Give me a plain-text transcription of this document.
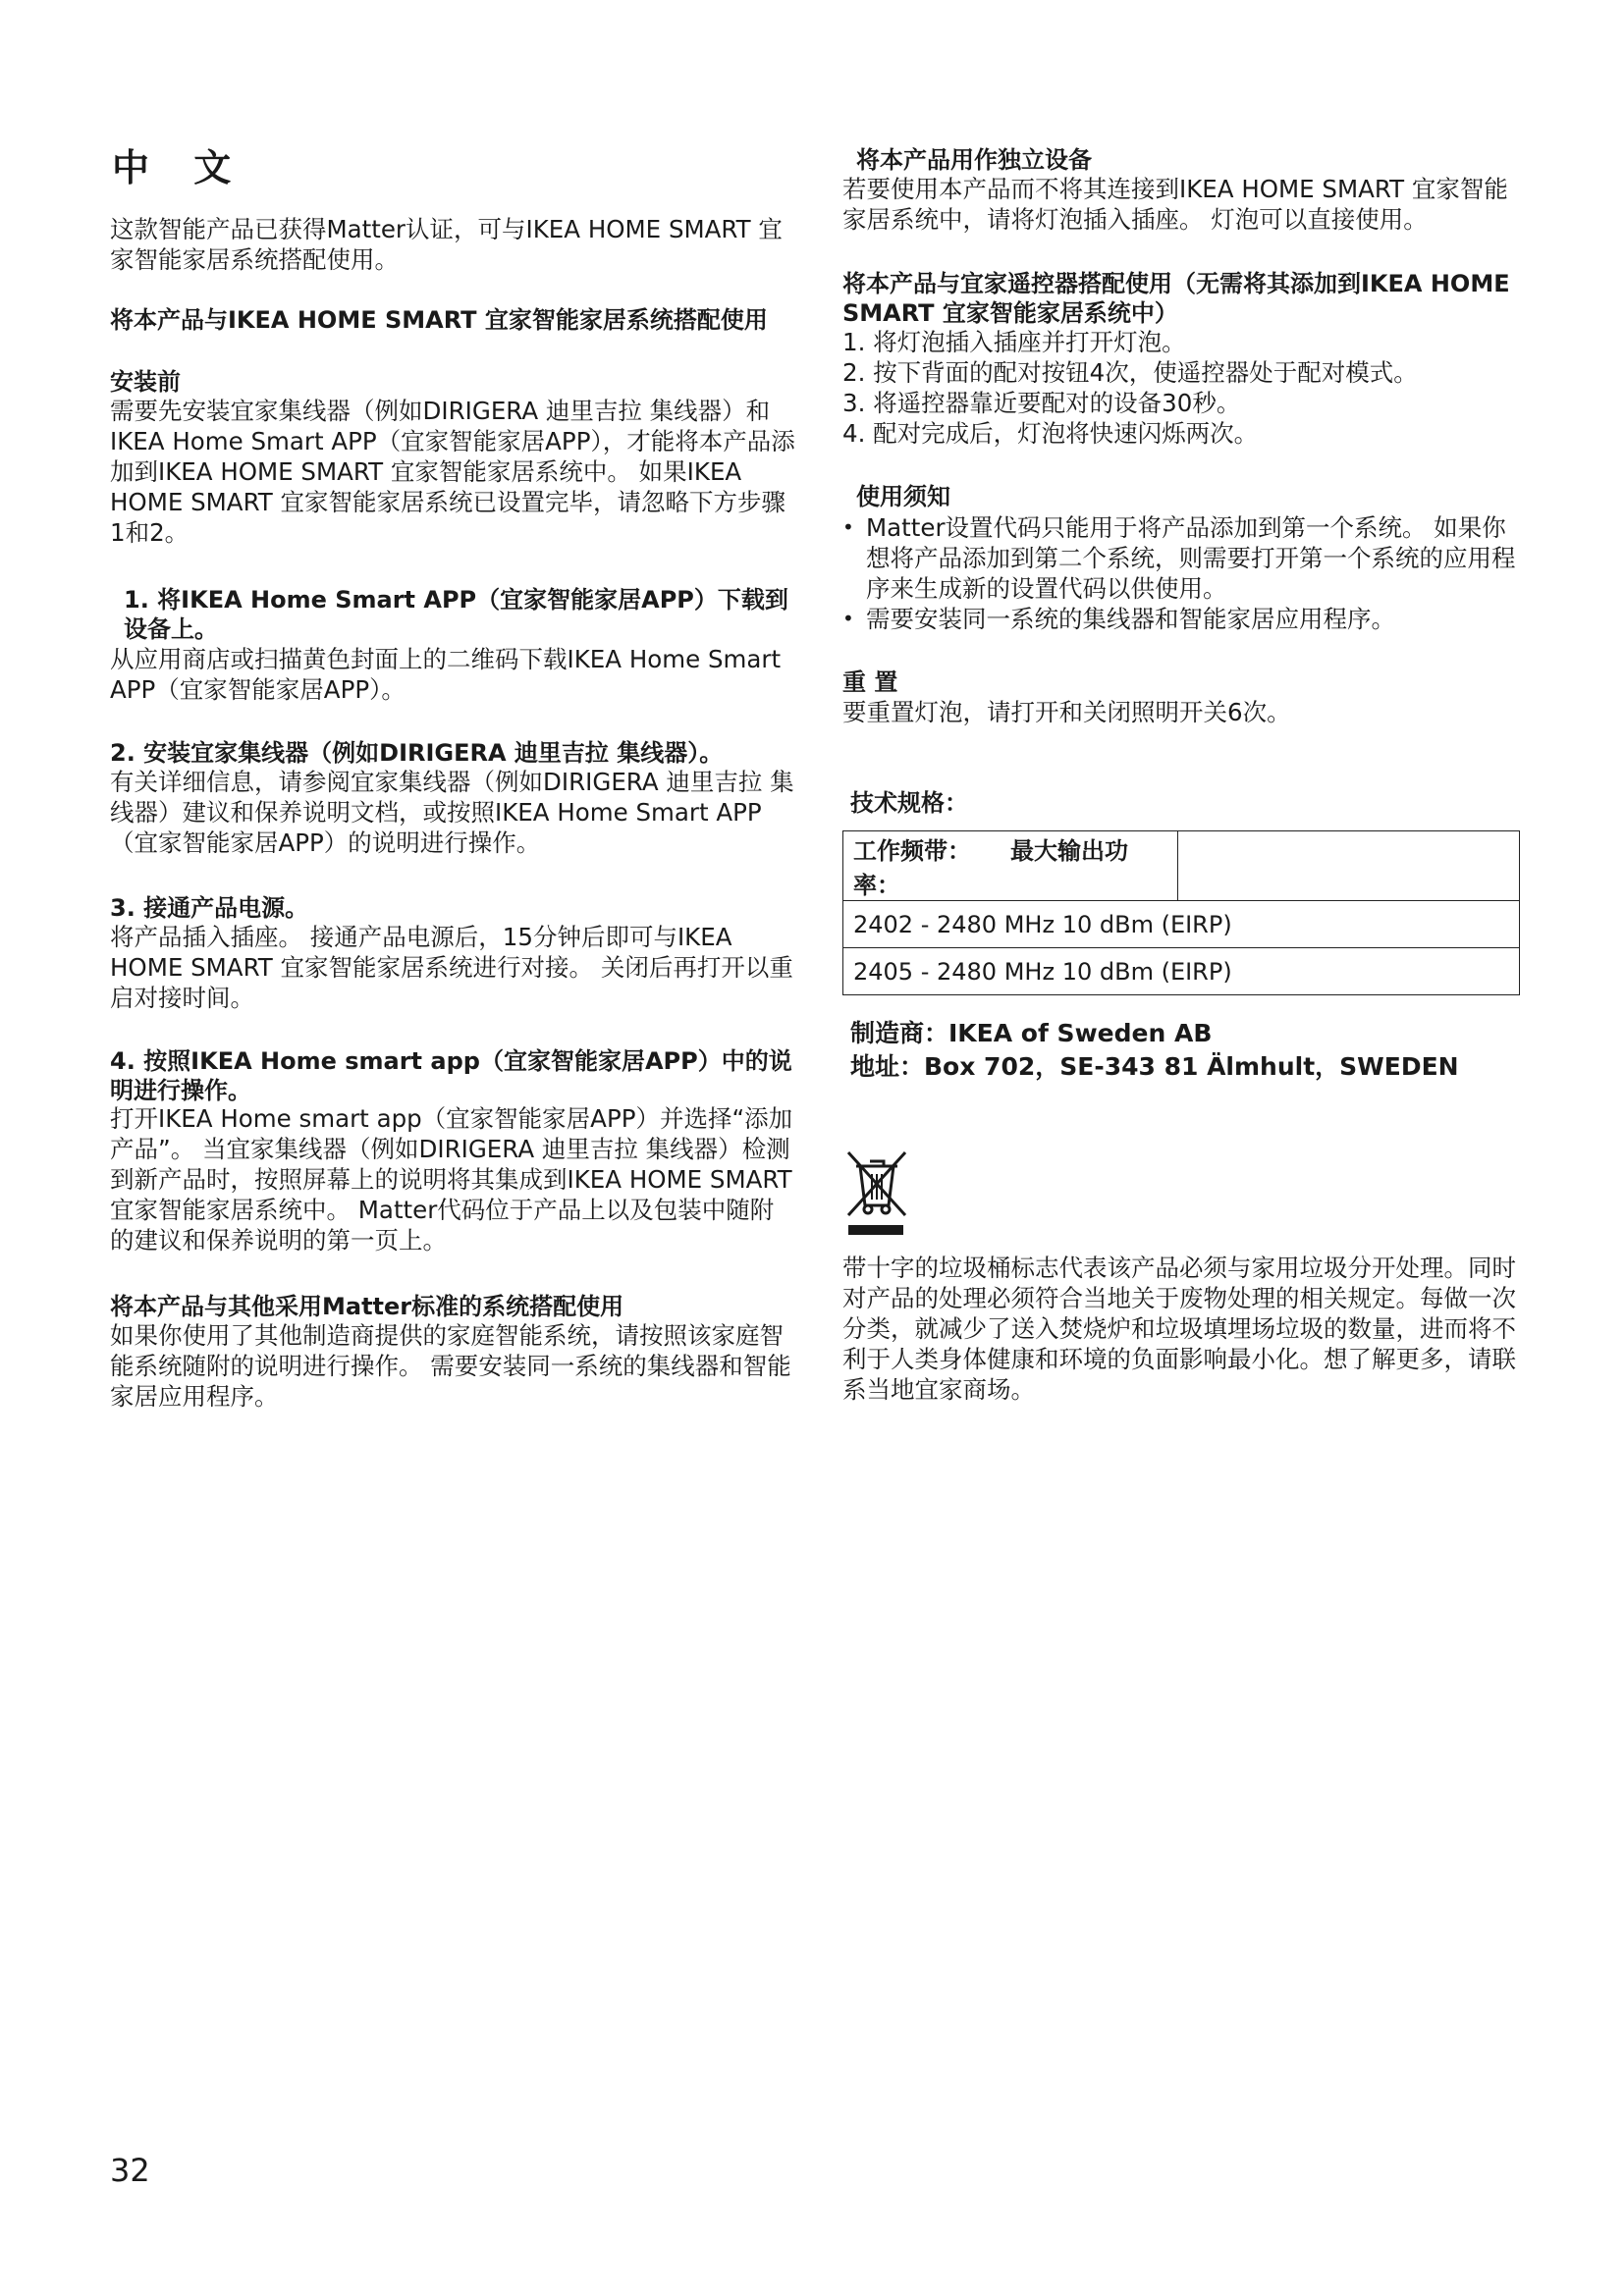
中 文

这款智能产品已获得Matter认证，可与IKEA HOME SMART 宜家智能家居系统搭配使用。

将本产品与IKEA HOME SMART 宜家智能家居系统搭配使用

安装前

需要先安装宜家集线器（例如DIRIGERA 迪里吉拉 集线器）和IKEA Home Smart APP（宜家智能家居APP），才能将本产品添加到IKEA HOME SMART 宜家智能家居系统中。 如果IKEA HOME SMART 宜家智能家居系统已设置完毕，请忽略下方步骤1和2。

1. 将IKEA Home Smart APP（宜家智能家居APP）下载到设备上。

从应用商店或扫描黄色封面上的二维码下载IKEA Home Smart APP（宜家智能家居APP）。

2. 安装宜家集线器（例如DIRIGERA 迪里吉拉 集线器）。

有关详细信息，请参阅宜家集线器（例如DIRIGERA 迪里吉拉 集线器）建议和保养说明文档，或按照IKEA Home Smart APP（宜家智能家居APP）的说明进行操作。

3. 接通产品电源。

将产品插入插座。 接通产品电源后，15分钟后即可与IKEA HOME SMART 宜家智能家居系统进行对接。 关闭后再打开以重启对接时间。

4. 按照IKEA Home smart app（宜家智能家居APP）中的说明进行操作。

打开IKEA Home smart app（宜家智能家居APP）并选择“添加产品”。 当宜家集线器（例如DIRIGERA 迪里吉拉 集线器）检测到新产品时，按照屏幕上的说明将其集成到IKEA HOME SMART 宜家智能家居系统中。 Matter代码位于产品上以及包装中随附的建议和保养说明的第一页上。

将本产品与其他采用Matter标准的系统搭配使用

如果你使用了其他制造商提供的家庭智能系统，请按照该家庭智能系统随附的说明进行操作。 需要安装同一系统的集线器和智能家居应用程序。

32

将本产品用作独立设备

若要使用本产品而不将其连接到IKEA HOME SMART 宜家智能家居系统中，请将灯泡插入插座。 灯泡可以直接使用。

将本产品与宜家遥控器搭配使用（无需将其添加到IKEA HOME SMART 宜家智能家居系统中）

1. 将灯泡插入插座并打开灯泡。
2. 按下背面的配对按钮4次，使遥控器处于配对模式。
3. 将遥控器靠近要配对的设备30秒。
4. 配对完成后，灯泡将快速闪烁两次。

使用须知

• Matter设置代码只能用于将产品添加到第一个系统。 如果你想将产品添加到第二个系统，则需要打开第一个系统的应用程序来生成新的设置代码以供使用。
• 需要安装同一系统的集线器和智能家居应用程序。

重 置

要重置灯泡，请打开和关闭照明开关6次。

技术规格：

工作频带： 最大输出功率：	
2402 - 2480 MHz 10 dBm (EIRP)
2405 - 2480 MHz 10 dBm (EIRP)

制造商：IKEA of Sweden AB

地址：Box 702，SE-343 81 Älmhult，SWEDEN

带十字的垃圾桶标志代表该产品必须与家用垃圾分开处理。同时对产品的处理必须符合当地关于废物处理的相关规定。每做一次分类，就减少了送入焚烧炉和垃圾填埋场垃圾的数量，进而将不利于人类身体健康和环境的负面影响最小化。想了解更多，请联系当地宜家商场。
